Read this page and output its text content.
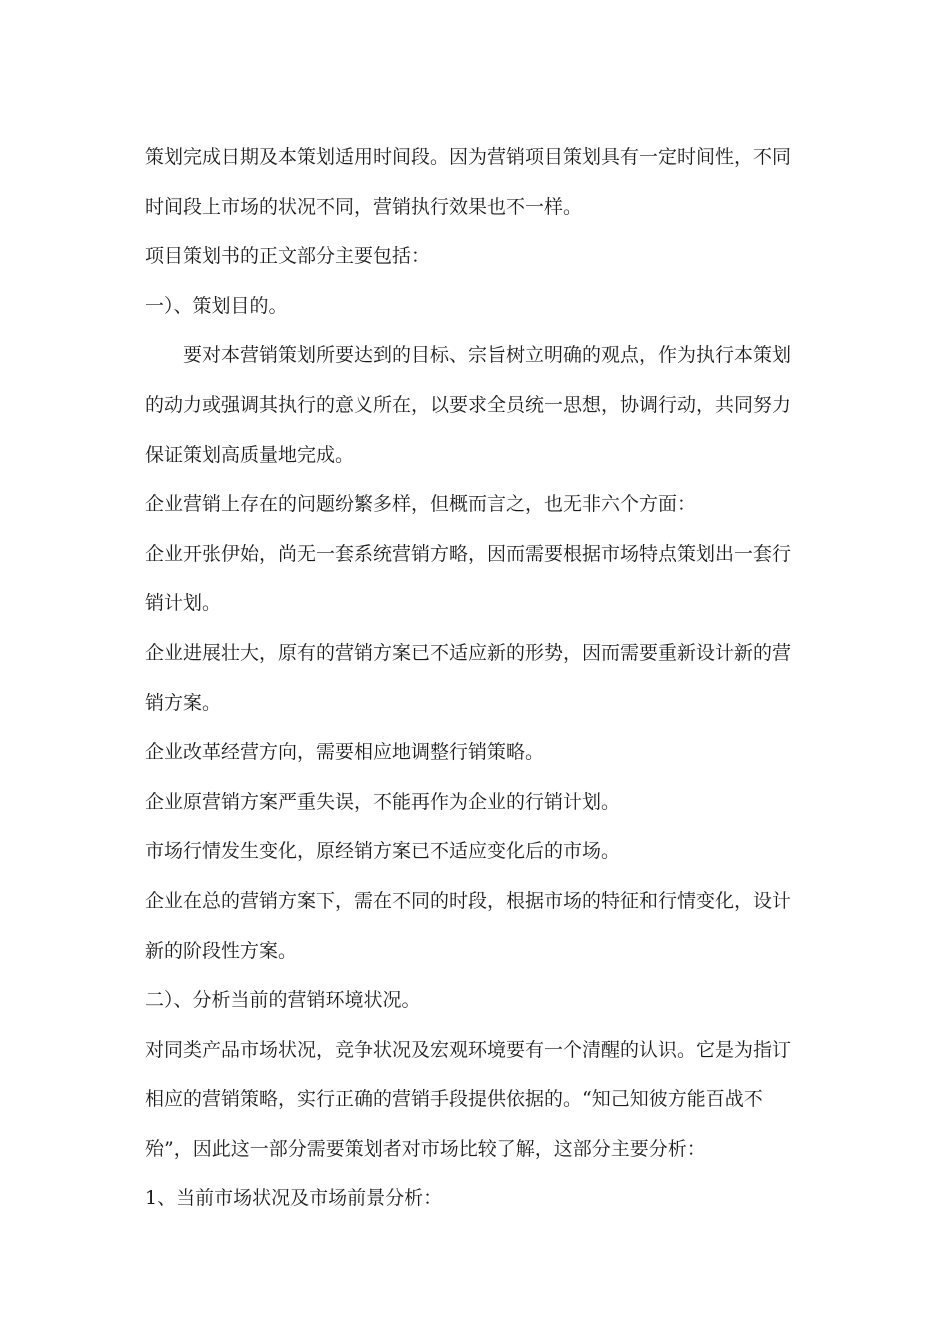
策划完成日期及本策划适用时间段。因为营销项目策划具有一定时间性，不同时间段上市场的状况不同，营销执行效果也不一样。

项目策划书的正文部分主要包括：

一）、策划目的。

要对本营销策划所要达到的目标、宗旨树立明确的观点，作为执行本策划的动力或强调其执行的意义所在，以要求全员统一思想，协调行动，共同努力保证策划高质量地完成。

企业营销上存在的问题纷繁多样，但概而言之，也无非六个方面：

企业开张伊始，尚无一套系统营销方略，因而需要根据市场特点策划出一套行销计划。

企业进展壮大，原有的营销方案已不适应新的形势，因而需要重新设计新的营销方案。

企业改革经营方向，需要相应地调整行销策略。

企业原营销方案严重失误，不能再作为企业的行销计划。

市场行情发生变化，原经销方案已不适应变化后的市场。

企业在总的营销方案下，需在不同的时段，根据市场的特征和行情变化，设计新的阶段性方案。

二）、分析当前的营销环境状况。

对同类产品市场状况，竞争状况及宏观环境要有一个清醒的认识。它是为指订相应的营销策略，实行正确的营销手段提供依据的。“知己知彼方能百战不殆”，因此这一部分需要策划者对市场比较了解，这部分主要分析：

1、当前市场状况及市场前景分析：
